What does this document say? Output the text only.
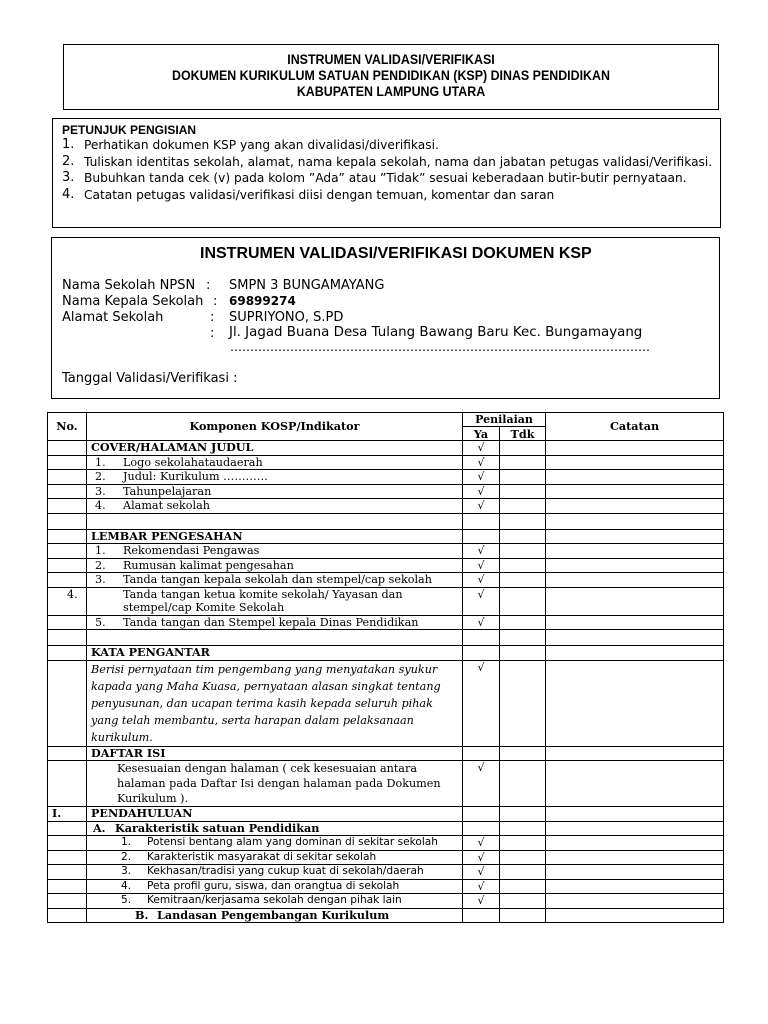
INSTRUMEN VALIDASI/VERIFIKASI
DOKUMEN KURIKULUM SATUAN PENDIDIKAN (KSP) DINAS PENDIDIKAN
KABUPATEN LAMPUNG UTARA
PETUNJUK PENGISIAN
1. Perhatikan dokumen KSP yang akan divalidasi/diverifikasi.
2. Tuliskan identitas sekolah, alamat, nama kepala sekolah, nama dan jabatan petugas validasi/Verifikasi.
3. Bubuhkan tanda cek (v) pada kolom ”Ada” atau ”Tidak” sesuai keberadaan butir-butir pernyataan.
4. Catatan petugas validasi/verifikasi diisi dengan temuan, komentar dan saran
INSTRUMEN VALIDASI/VERIFIKASI DOKUMEN KSP
Nama Sekolah NPSN : SMPN 3 BUNGAMAYANG
Nama Kepala Sekolah : 69899274
Alamat Sekolah	: SUPRIYONO, S.PD
: Jl. Jagad Buana Desa Tulang Bawang Baru Kec. Bungamayang
……………………………………………………………………………………………
Tanggal Validasi/Verifikasi :
No.	Komponen KOSP/Indikator	Penilaian		Catatan
		Ya	Tdk	
	COVER/HALAMAN JUDUL	√		
	1. Logo sekolahataudaerah	√		
	2. Judul: Kurikulum …………	√		
	3. Tahunpelajaran	√		
	4. Alamat sekolah	√		

	LEMBAR PENGESAHAN			
	1. Rekomendasi Pengawas	√		
	2. Rumusan kalimat pengesahan	√		
	3. Tanda tangan kepala sekolah dan stempel/cap sekolah	√		
	4. Tanda tangan ketua komite sekolah/ Yayasan dan stempel/cap Komite Sekolah	√		
	5. Tanda tangan dan Stempel kepala Dinas Pendidikan	√		

	KATA PENGANTAR			
	Berisi pernyataan tim pengembang yang menyatakan syukur kapada yang Maha Kuasa, pernyataan alasan singkat tentang penyusunan, dan ucapan terima kasih kepada seluruh pihak yang telah membantu, serta harapan dalam pelaksanaan kurikulum.	√		
	DAFTAR ISI			
	Kesesuaian dengan halaman ( cek kesesuaian antara halaman pada Daftar Isi dengan halaman pada Dokumen Kurikulum ).	√		
I.	PENDAHULUAN			
	A. Karakteristik satuan Pendidikan			
	1. Potensi bentang alam yang dominan di sekitar sekolah	√		
	2. Karakteristik masyarakat di sekitar sekolah	√		
	3. Kekhasan/tradisi yang cukup kuat di sekolah/daerah	√		
	4. Peta profil guru, siswa, dan orangtua di sekolah	√		
	5. Kemitraan/kerjasama sekolah dengan pihak lain	√		
	B. Landasan Pengembangan Kurikulum			
